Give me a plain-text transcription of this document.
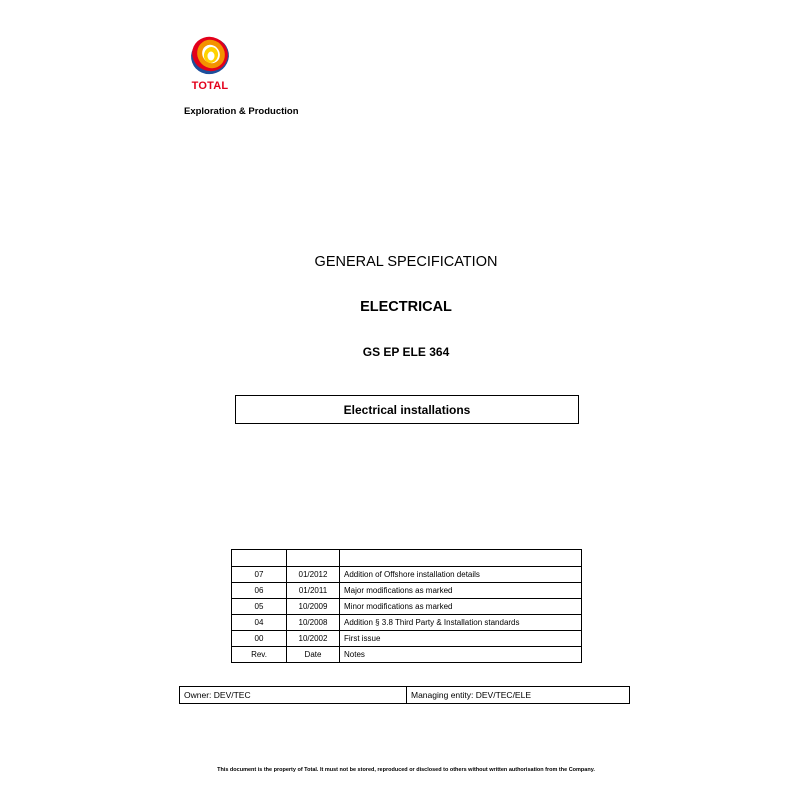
TOTAL
Exploration & Production
GENERAL SPECIFICATION
ELECTRICAL
GS EP ELE 364
Electrical installations

07	01/2012	Addition of Offshore installation details
06	01/2011	Major modifications as marked
05	10/2009	Minor modifications as marked
04	10/2008	Addition § 3.8 Third Party & Installation standards
00	10/2002	First issue
Rev.	Date	Notes
Owner: DEV/TEC	Managing entity: DEV/TEC/ELE
This document is the property of Total. It must not be stored, reproduced or disclosed to others without written authorisation from the Company.
